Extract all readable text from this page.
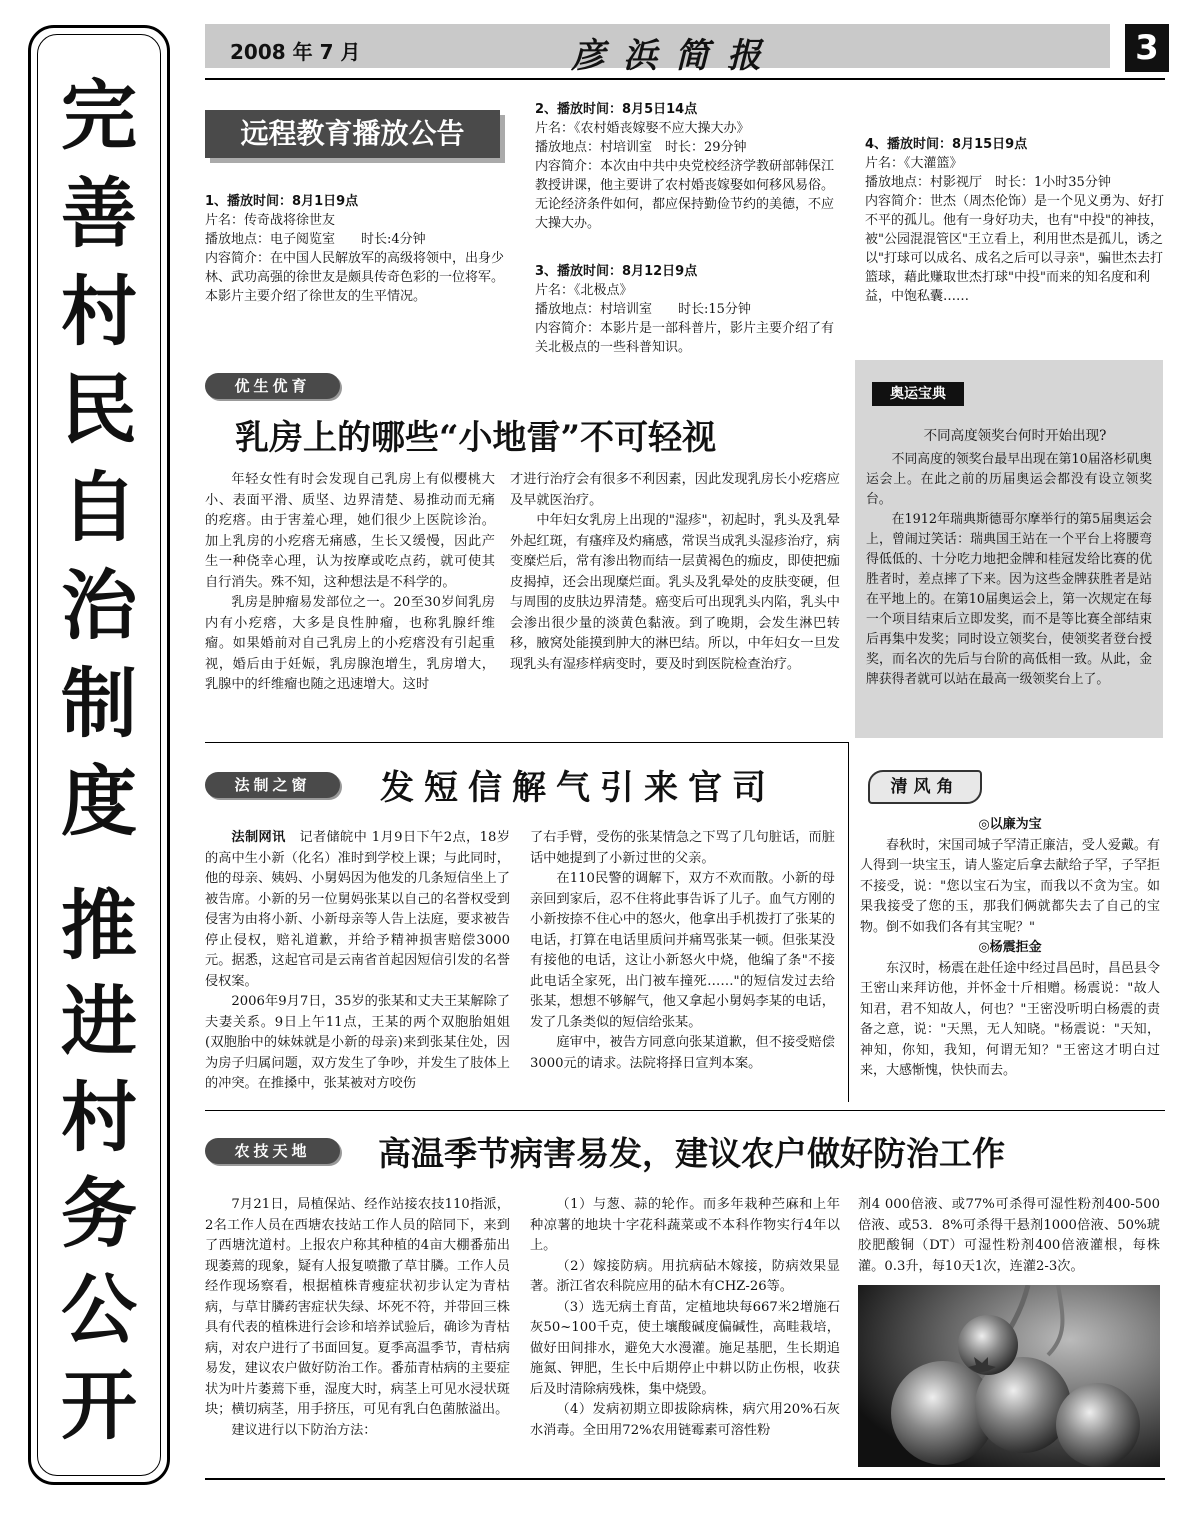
完
善
村
民
自
治
制
度
推
进
村
务
公
开
2008 年 7 月	彦浜简报	3
远程教育播放公告
1、播放时间：8月1日9点
片名：传奇战将徐世友
播放地点：电子阅览室　　时长:4分钟
内容简介：在中国人民解放军的高级将领中，出身少林、武功高强的徐世友是颇具传奇色彩的一位将军。本影片主要介绍了徐世友的生平情况。
2、播放时间：8月5日14点
片名：《农村婚丧嫁娶不应大操大办》
播放地点：村培训室　时长：29分钟
内容简介：本次由中共中央党校经济学教研部韩保江教授讲课，他主要讲了农村婚丧嫁娶如何移风易俗。无论经济条件如何，都应保持勤俭节约的美德，不应大操大办。
3、播放时间：8月12日9点
片名：《北极点》
播放地点：村培训室　　时长:15分钟
内容简介：本影片是一部科普片，影片主要介绍了有关北极点的一些科普知识。
4、播放时间：8月15日9点
片名：《大灌篮》
播放地点：村影视厅　时长：1小时35分钟
内容简介：世杰（周杰伦饰）是一个见义勇为、好打不平的孤儿。他有一身好功夫，也有"中投"的神技，被"公园混混管区"王立看上，利用世杰是孤儿，诱之以"打球可以成名、成名之后可以寻亲"，骗世杰去打篮球，藉此赚取世杰打球"中投"而来的知名度和利益，中饱私囊……
优生优育
乳房上的哪些“小地雷”不可轻视

年轻女性有时会发现自己乳房上有似樱桃大小、表面平滑、质坚、边界清楚、易推动而无痛的疙瘩。由于害羞心理，她们很少上医院诊治。加上乳房的小疙瘩无痛感，生长又缓慢，因此产生一种侥幸心理，认为按摩或吃点药，就可使其自行消失。殊不知，这种想法是不科学的。

乳房是肿瘤易发部位之一。20至30岁间乳房内有小疙瘩，大多是良性肿瘤，也称乳腺纤维瘤。如果婚前对自己乳房上的小疙瘩没有引起重视，婚后由于妊娠，乳房腺泡增生，乳房增大，乳腺中的纤维瘤也随之迅速增大。这时

才进行治疗会有很多不利因素，因此发现乳房长小疙瘩应及早就医治疗。

中年妇女乳房上出现的"湿疹"，初起时，乳头及乳晕外起红斑，有瘙痒及灼痛感，常误当成乳头湿疹治疗，病变糜烂后，常有渗出物而结一层黄褐色的痂皮，即使把痂皮揭掉，还会出现糜烂面。乳头及乳晕处的皮肤变硬，但与周围的皮肤边界清楚。癌变后可出现乳头内陷，乳头中会渗出很少量的淡黄色黏液。到了晚期，会发生淋巴转移，腋窝处能摸到肿大的淋巴结。所以，中年妇女一旦发现乳头有湿疹样病变时，要及时到医院检查治疗。

奥运宝典
不同高度领奖台何时开始出现?

不同高度的领奖台最早出现在第10届洛杉矶奥运会上。在此之前的历届奥运会都没有设立领奖台。

在1912年瑞典斯德哥尔摩举行的第5届奥运会上，曾闹过笑话：瑞典国王站在一个平台上将腰弯得低低的、十分吃力地把金牌和桂冠发给比赛的优胜者时，差点摔了下来。因为这些金牌获胜者是站在平地上的。在第10届奥运会上，第一次规定在每一个项目结束后立即发奖，而不是等比赛全部结束后再集中发奖；同时设立领奖台，使领奖者登台授奖，而名次的先后与台阶的高低相一致。从此，金牌获得者就可以站在最高一级领奖台上了。

法制之窗	发短信解气引来官司

法制网讯　 记者储皖中 1月9日下午2点，18岁的高中生小新（化名）准时到学校上课；与此同时，他的母亲、姨妈、小舅妈因为他发的几条短信坐上了被告席。小新的另一位舅妈张某以自己的名誉权受到侵害为由将小新、小新母亲等人告上法庭，要求被告停止侵权，赔礼道歉，并给予精神损害赔偿3000元。据悉，这起官司是云南省首起因短信引发的名誉侵权案。

2006年9月7日，35岁的张某和丈夫王某解除了夫妻关系。9日上午11点，王某的两个双胞胎姐姐(双胞胎中的妹妹就是小新的母亲)来到张某住处，因为房子归属问题，双方发生了争吵，并发生了肢体上的冲突。在推搡中，张某被对方咬伤

了右手臂，受伤的张某情急之下骂了几句脏话，而脏话中她提到了小新过世的父亲。

在110民警的调解下，双方不欢而散。小新的母亲回到家后，忍不住将此事告诉了儿子。血气方刚的小新按捺不住心中的怒火，他拿出手机拨打了张某的电话，打算在电话里质问并痛骂张某一顿。但张某没有接他的电话，这让小新怒火中烧，他编了条"不接此电话全家死，出门被车撞死……"的短信发过去给张某，想想不够解气，他又拿起小舅妈李某的电话，发了几条类似的短信给张某。

庭审中，被告方同意向张某道歉，但不接受赔偿3000元的请求。法院将择日宣判本案。

清风角
◎以廉为宝

春秋时，宋国司城子罕清正廉洁，受人爱戴。有人得到一块宝玉，请人鉴定后拿去献给子罕，子罕拒不接受，说："您以宝石为宝，而我以不贪为宝。如果我接受了您的玉，那我们俩就都失去了自己的宝物。倒不如我们各有其宝呢？"

◎杨震拒金

东汉时，杨震在赴任途中经过昌邑时，昌邑县令王密山来拜访他，并怀金十斤相赠。杨震说："故人知君，君不知故人，何也？"王密没听明白杨震的责备之意，说："天黑，无人知晓。"杨震说："天知，神知，你知，我知，何谓无知？"王密这才明白过来，大感惭愧，快快而去。

农技天地	高温季节病害易发，建议农户做好防治工作

7月21日，局植保站、经作站接农技110指派，2名工作人员在西塘农技站工作人员的陪同下，来到了西塘沈道村。上报农户称其种植的4亩大棚番茄出现萎蔫的现象，疑有人报复喷撒了草甘膦。工作人员经作现场察看，根据植株青瘦症状初步认定为青枯病，与草甘膦药害症状失绿、坏死不符，并带回三株具有代表的植株进行会诊和培养试验后，确诊为青枯病，对农户进行了书面回复。夏季高温季节，青枯病易发，建议农户做好防治工作。番茄青枯病的主要症状为叶片萎蔫下垂，湿度大时，病茎上可见水浸状斑块；横切病茎，用手挤压，可见有乳白色菌脓溢出。

建议进行以下防治方法：

（1）与葱、蒜的轮作。而多年栽种苎麻和上年种凉薯的地块十字花科蔬菜或不本科作物实行4年以上。

（2）嫁接防病。用抗病砧木嫁接，防病效果显著。浙江省农科院应用的砧木有CHZ-26等。

（3）选无病土育苗，定植地块每667米2增施石灰50~100千克，使土壤酸碱度偏碱性，高畦栽培，做好田间排水，避免大水漫灌。施足基肥，生长期追施氮、钾肥，生长中后期停止中耕以防止伤根，收获后及时清除病残株，集中烧毁。

（4）发病初期立即拔除病株，病穴用20%石灰水消毒。全田用72%农用链霉素可溶性粉

剂4 000倍液、或77%可杀得可湿性粉剂400-500倍液、或53．8%可杀得干悬剂1000倍液、50%琥胶肥酸铜（DT）可湿性粉剂400倍液灌根，每株灌。0.3升，每10天1次，连灌2-3次。
